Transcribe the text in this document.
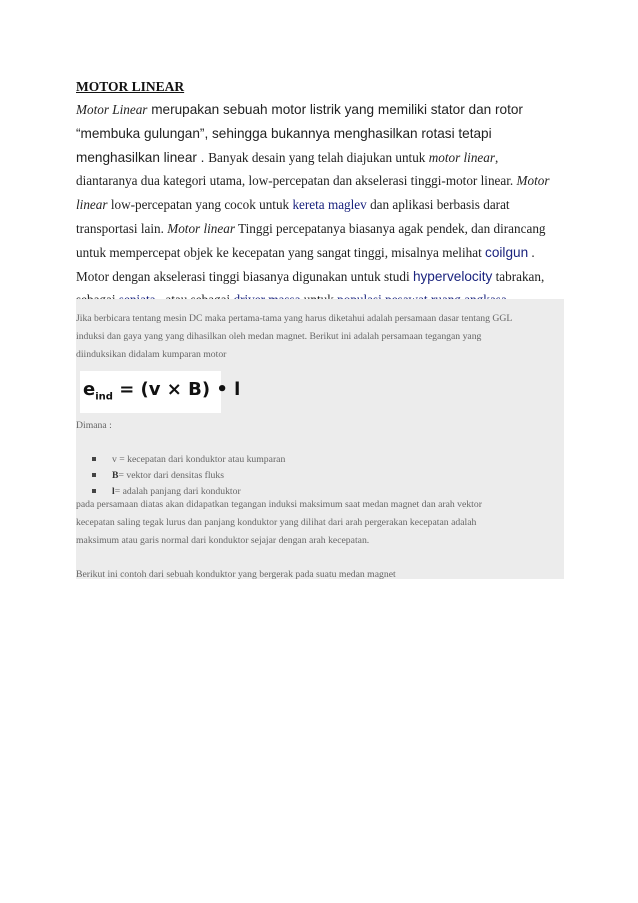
MOTOR LINEAR
Motor Linear merupakan sebuah motor listrik yang memiliki stator dan rotor
“membuka gulungan”, sehingga bukannya menghasilkan rotasi tetapi
menghasilkan linear . Banyak desain yang telah diajukan untuk motor linear,
diantaranya dua kategori utama, low-percepatan dan akselerasi tinggi-motor linear. Motor
linear low-percepatan yang cocok untuk kereta maglev dan aplikasi berbasis darat
transportasi lain. Motor linear Tinggi percepatanya biasanya agak pendek, dan dirancang
untuk mempercepat objek ke kecepatan yang sangat tinggi, misalnya melihat coilgun .
Motor dengan akselerasi tinggi biasanya digunakan untuk studi hypervelocity tabrakan,
Jika berbicara tentang mesin DC maka pertama-tama yang harus diketahui adalah persamaan dasar tentang GGL
induksi dan gaya yang yang dihasilkan oleh medan magnet. Berikut ini adalah persamaan tegangan yang
diinduksikan didalam kumparan motor
$e_{ind} = (v \times B)$ • l
Dimana :
v = kecepatan dari konduktor atau kumparan
B = vektor dari densitas fluks
l = adalah panjang dari konduktor
pada persamaan diatas akan didapatkan tegangan induksi maksimum saat medan magnet dan arah vektor
kecepatan saling tegak lurus dan panjang konduktor yang dilihat dari arah pergerakan kecepatan adalah
maksimum atau garis normal dari konduktor sejajar dengan arah kecepatan.
Berikut ini contoh dari sebuah konduktor yang bergerak pada suatu medan magnet
